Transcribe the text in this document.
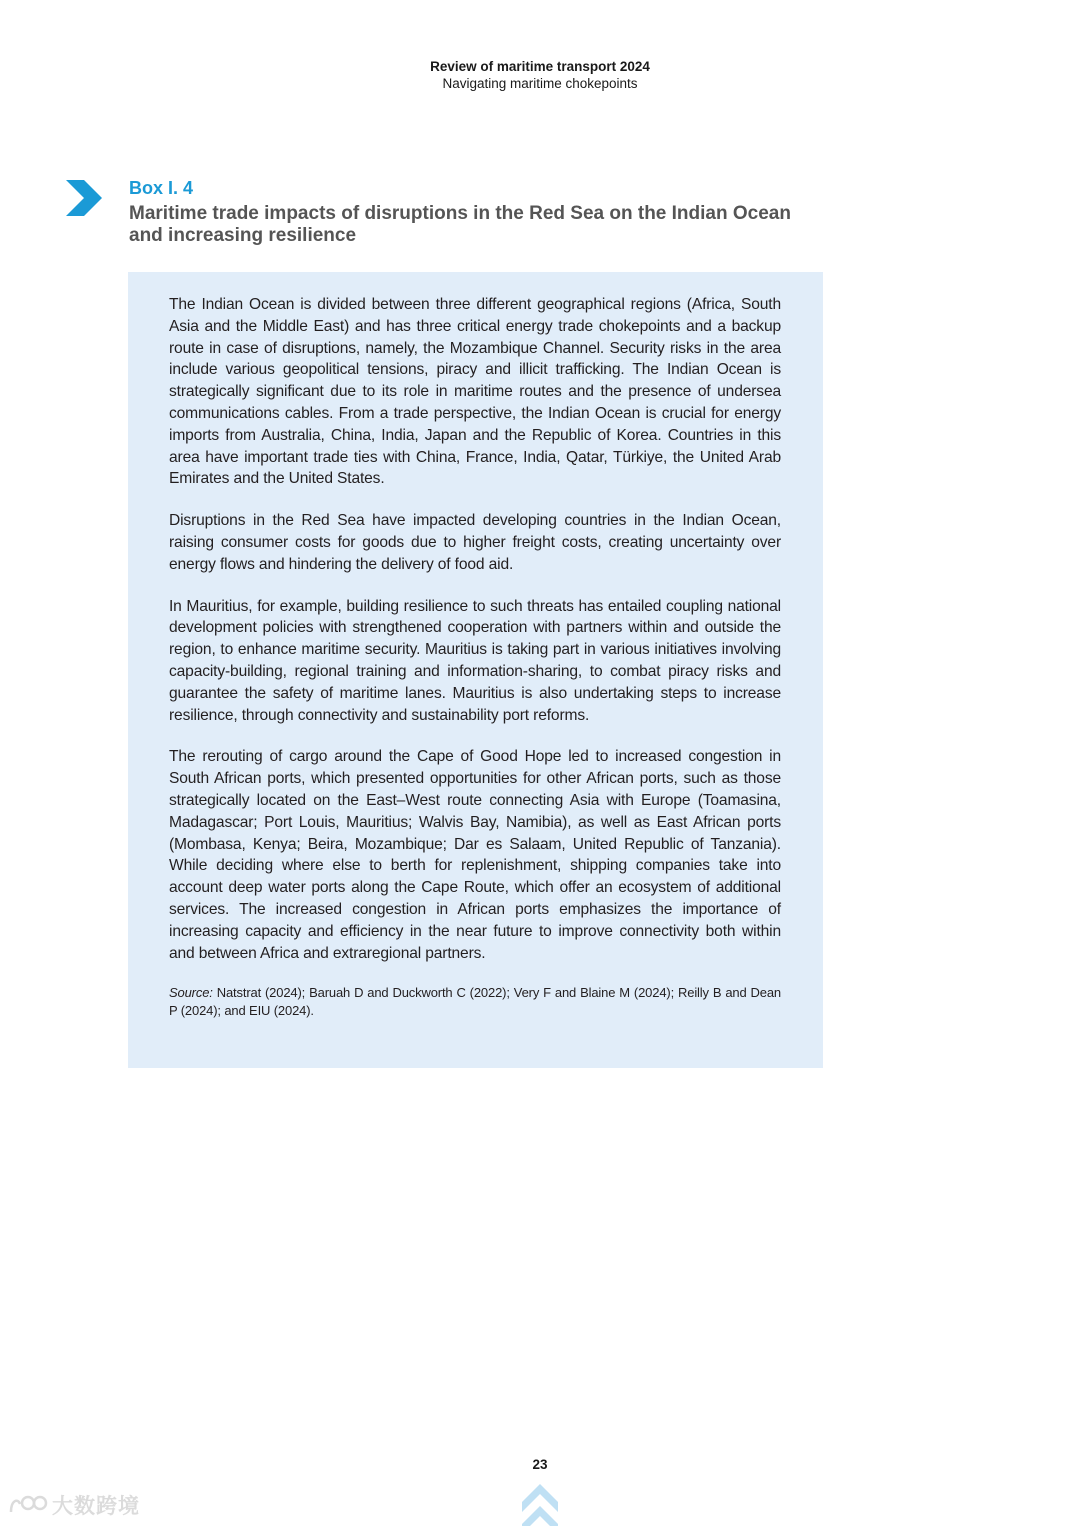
Review of maritime transport 2024
Navigating maritime chokepoints
Box I. 4
Maritime trade impacts of disruptions in the Red Sea on the Indian Ocean and increasing resilience

The Indian Ocean is divided between three different geographical regions (Africa, South Asia and the Middle East) and has three critical energy trade chokepoints and a backup route in case of disruptions, namely, the Mozambique Channel. Security risks in the area include various geopolitical tensions, piracy and illicit trafficking. The Indian Ocean is strategically significant due to its role in maritime routes and the presence of undersea communications cables. From a trade perspective, the Indian Ocean is crucial for energy imports from Australia, China, India, Japan and the Republic of Korea. Countries in this area have important trade ties with China, France, India, Qatar, Türkiye, the United Arab Emirates and the United States.

Disruptions in the Red Sea have impacted developing countries in the Indian Ocean, raising consumer costs for goods due to higher freight costs, creating uncertainty over energy flows and hindering the delivery of food aid.

In Mauritius, for example, building resilience to such threats has entailed coupling national development policies with strengthened cooperation with partners within and outside the region, to enhance maritime security. Mauritius is taking part in various initiatives involving capacity-building, regional training and information-sharing, to combat piracy risks and guarantee the safety of maritime lanes. Mauritius is also undertaking steps to increase resilience, through connectivity and sustainability port reforms.

The rerouting of cargo around the Cape of Good Hope led to increased congestion in South African ports, which presented opportunities for other African ports, such as those strategically located on the East–West route connecting Asia with Europe (Toamasina, Madagascar; Port Louis, Mauritius; Walvis Bay, Namibia), as well as East African ports (Mombasa, Kenya; Beira, Mozambique; Dar es Salaam, United Republic of Tanzania). While deciding where else to berth for replenishment, shipping companies take into account deep water ports along the Cape Route, which offer an ecosystem of additional services. The increased congestion in African ports emphasizes the importance of increasing capacity and efficiency in the near future to improve connectivity both within and between Africa and extraregional partners.

Source: Natstrat (2024); Baruah D and Duckworth C (2022); Very F and Blaine M (2024); Reilly B and Dean P (2024); and EIU (2024).

23
大数跨境
